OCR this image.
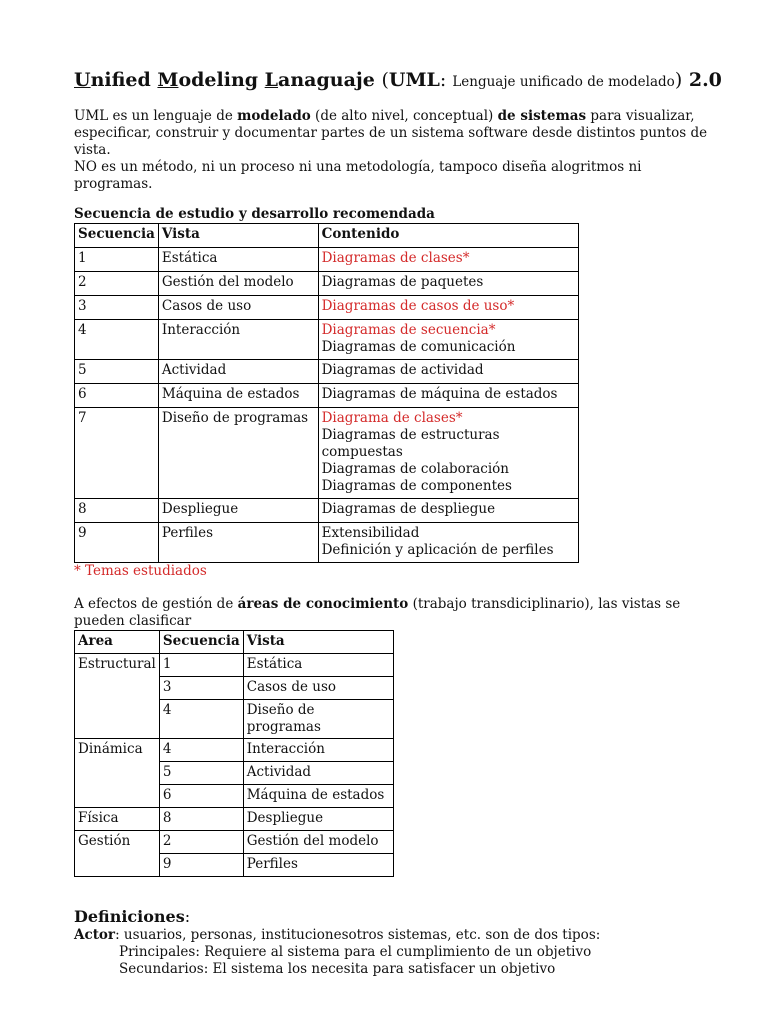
Unified Modeling Lanaguaje (UML: Lenguaje unificado de modelado) 2.0
UML es un lenguaje de modelado (de alto nivel, conceptual) de sistemas para visualizar, especificar, construir y documentar partes de un sistema software desde distintos puntos de vista.
NO es un método, ni un proceso ni una metodología, tampoco diseña alogritmos ni programas.
Secuencia de estudio y desarrollo recomendada
Secuencia	Vista	Contenido
1	Estática	Diagramas de clases*

2	Gestión del modelo	Diagramas de paquetes

3	Casos de uso	Diagramas de casos de uso*

4	Interacción	Diagramas de secuencia*
Diagramas de comunicación

5	Actividad	Diagramas de actividad

6	Máquina de estados	Diagramas de máquina de estados

7	Diseño de programas	Diagrama de clases*
Diagramas de estructuras compuestas
Diagramas de colaboración
Diagramas de componentes

8	Despliegue	Diagramas de despliegue

9	Perfiles	Extensibilidad
Definición y aplicación de perfiles
* Temas estudiados
A efectos de gestión de áreas de conocimiento (trabajo transdiciplinario), las vistas se pueden clasificar
Area	Secuencia	Vista
Estructural	1	Estática
	3	Casos de uso
	4	Diseño de programas
Dinámica	4	Interacción
	5	Actividad
	6	Máquina de estados
Física	8	Despliegue
Gestión	2	Gestión del modelo
	9	Perfiles
Definiciones:
Actor: usuarios, personas, institucionesotros sistemas, etc. son de dos tipos:
Principales: Requiere al sistema para el cumplimiento de un objetivo
Secundarios: El sistema los necesita para satisfacer un objetivo
